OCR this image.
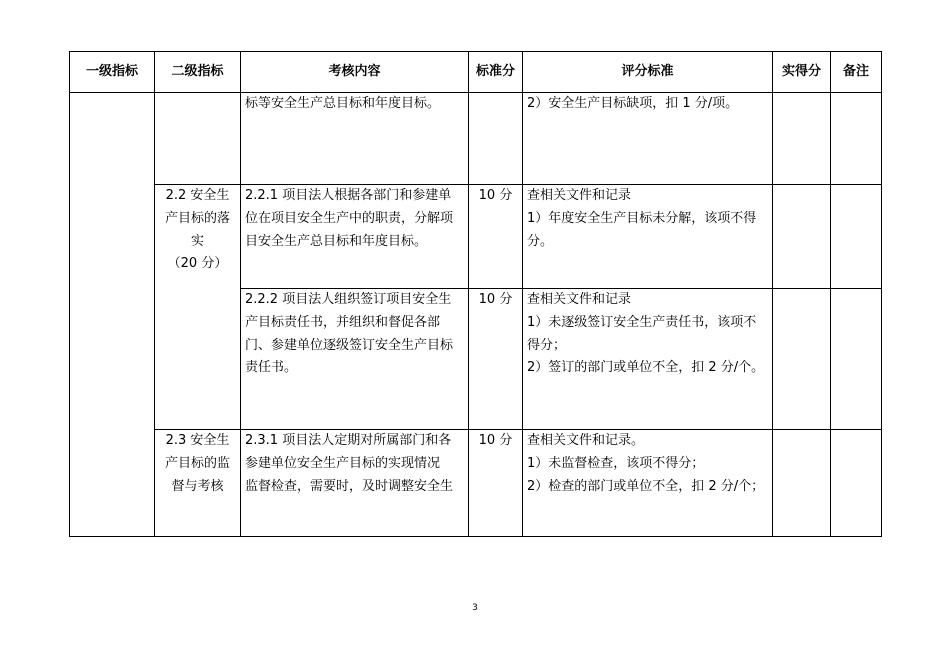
一级指标	二级指标	考核内容	标准分	评分标准	实得分	备注

		标等安全生产总目标和年度目标。		2）安全生产目标缺项，扣 1 分/项。		

	2.2 安全生
产目标的落
实
（20 分）	2.2.1 项目法人根据各部门和参建单
位在项目安全生产中的职责，分解项
目安全生产总目标和年度目标。	10 分	查相关文件和记录
1）年度安全生产目标未分解，该项不得
分。		

		2.2.2 项目法人组织签订项目安全生
产目标责任书，并组织和督促各部
门、参建单位逐级签订安全生产目标
责任书。	10 分	查相关文件和记录
1）未逐级签订安全生产责任书，该项不
得分；
2）签订的部门或单位不全，扣 2 分/个。		

	2.3 安全生
产目标的监
督与考核	2.3.1 项目法人定期对所属部门和各
参建单位安全生产目标的实现情况
监督检查，需要时，及时调整安全生	10 分	查相关文件和记录。
1）未监督检查，该项不得分；
2）检查的部门或单位不全，扣 2 分/个；		

3
